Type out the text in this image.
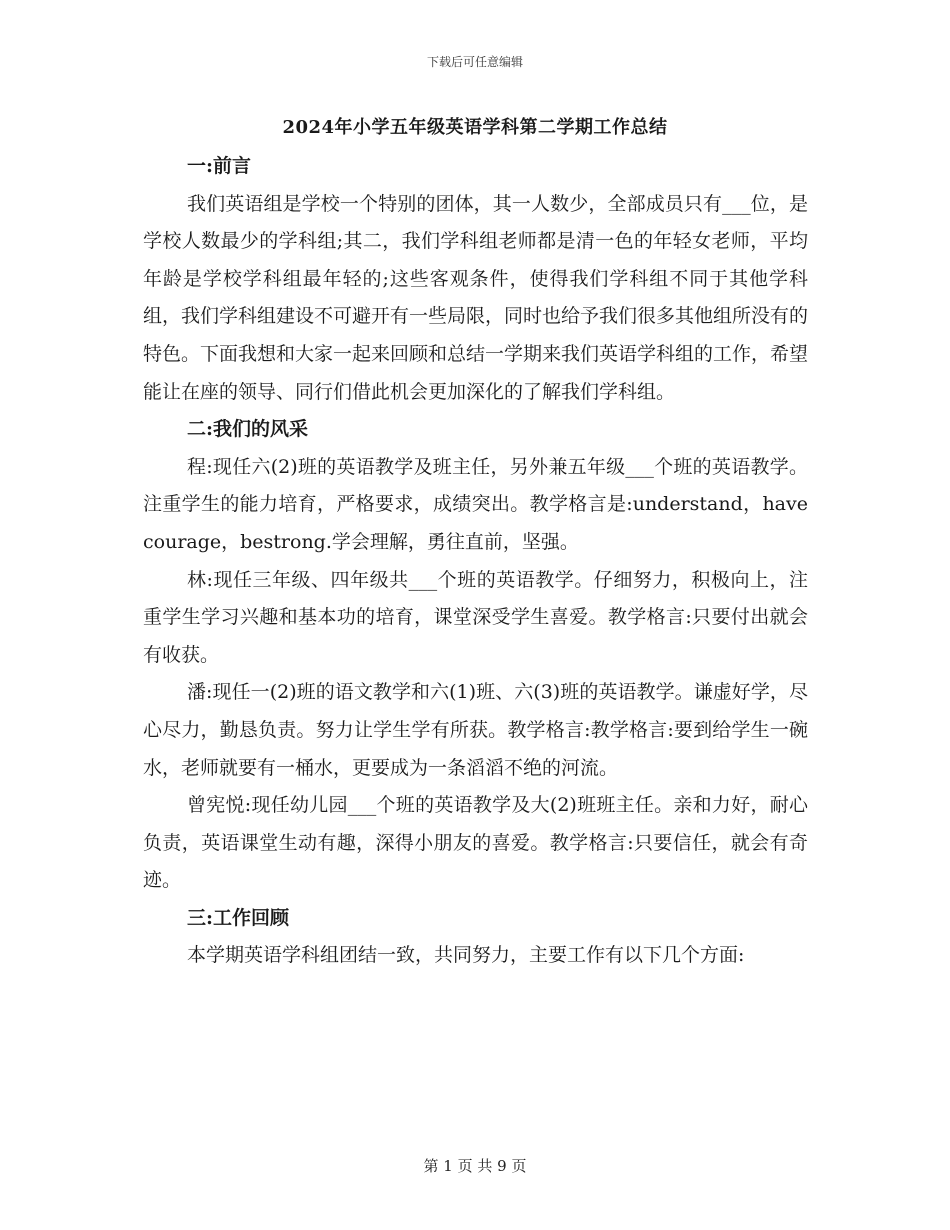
下载后可任意编辑
2024年小学五年级英语学科第二学期工作总结

一:前言

我们英语组是学校一个特别的团体，其一人数少，全部成员只有___位，是学校人数最少的学科组;其二，我们学科组老师都是清一色的年轻女老师，平均年龄是学校学科组最年轻的;这些客观条件，使得我们学科组不同于其他学科组，我们学科组建设不可避开有一些局限，同时也给予我们很多其他组所没有的特色。下面我想和大家一起来回顾和总结一学期来我们英语学科组的工作，希望能让在座的领导、同行们借此机会更加深化的了解我们学科组。

二:我们的风采

程:现任六(2)班的英语教学及班主任，另外兼五年级___个班的英语教学。注重学生的能力培育，严格要求，成绩突出。教学格言是:understand，havecourage，bestrong.学会理解，勇往直前，坚强。

林:现任三年级、四年级共___个班的英语教学。仔细努力，积极向上，注重学生学习兴趣和基本功的培育，课堂深受学生喜爱。教学格言:只要付出就会有收获。

潘:现任一(2)班的语文教学和六(1)班、六(3)班的英语教学。谦虚好学，尽心尽力，勤恳负责。努力让学生学有所获。教学格言:教学格言:要到给学生一碗水，老师就要有一桶水，更要成为一条滔滔不绝的河流。

曾宪悦:现任幼儿园___个班的英语教学及大(2)班班主任。亲和力好，耐心负责，英语课堂生动有趣，深得小朋友的喜爱。教学格言:只要信任，就会有奇迹。

三:工作回顾

本学期英语学科组团结一致，共同努力，主要工作有以下几个方面:

第 1 页 共 9 页
